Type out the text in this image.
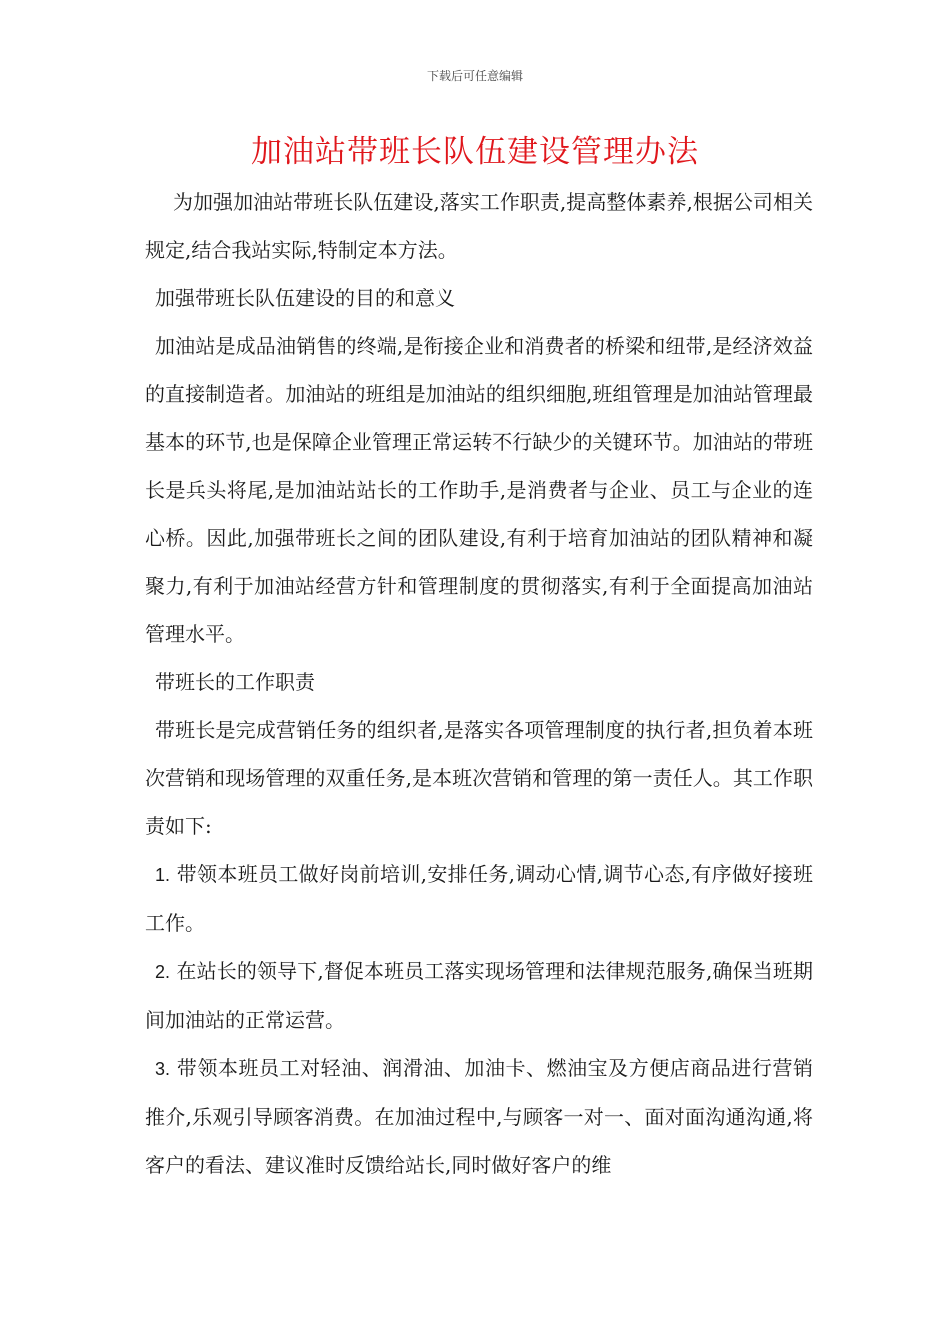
下载后可任意编辑
加油站带班长队伍建设管理办法

为加强加油站带班长队伍建设,落实工作职责,提高整体素养,根据公司相关规定,结合我站实际,特制定本方法。

加强带班长队伍建设的目的和意义

加油站是成品油销售的终端,是衔接企业和消费者的桥梁和纽带,是经济效益的直接制造者。加油站的班组是加油站的组织细胞,班组管理是加油站管理最基本的环节,也是保障企业管理正常运转不行缺少的关键环节。加油站的带班长是兵头将尾,是加油站站长的工作助手,是消费者与企业、员工与企业的连心桥。因此,加强带班长之间的团队建设,有利于培育加油站的团队精神和凝聚力,有利于加油站经营方针和管理制度的贯彻落实,有利于全面提高加油站管理水平。

带班长的工作职责

带班长是完成营销任务的组织者,是落实各项管理制度的执行者,担负着本班次营销和现场管理的双重任务,是本班次营销和管理的第一责任人。其工作职责如下:

1. 带领本班员工做好岗前培训,安排任务,调动心情,调节心态,有序做好接班工作。

2. 在站长的领导下,督促本班员工落实现场管理和法律规范服务,确保当班期间加油站的正常运营。

3. 带领本班员工对轻油、润滑油、加油卡、燃油宝及方便店商品进行营销推介,乐观引导顾客消费。在加油过程中,与顾客一对一、面对面沟通沟通,将客户的看法、建议准时反馈给站长,同时做好客户的维
